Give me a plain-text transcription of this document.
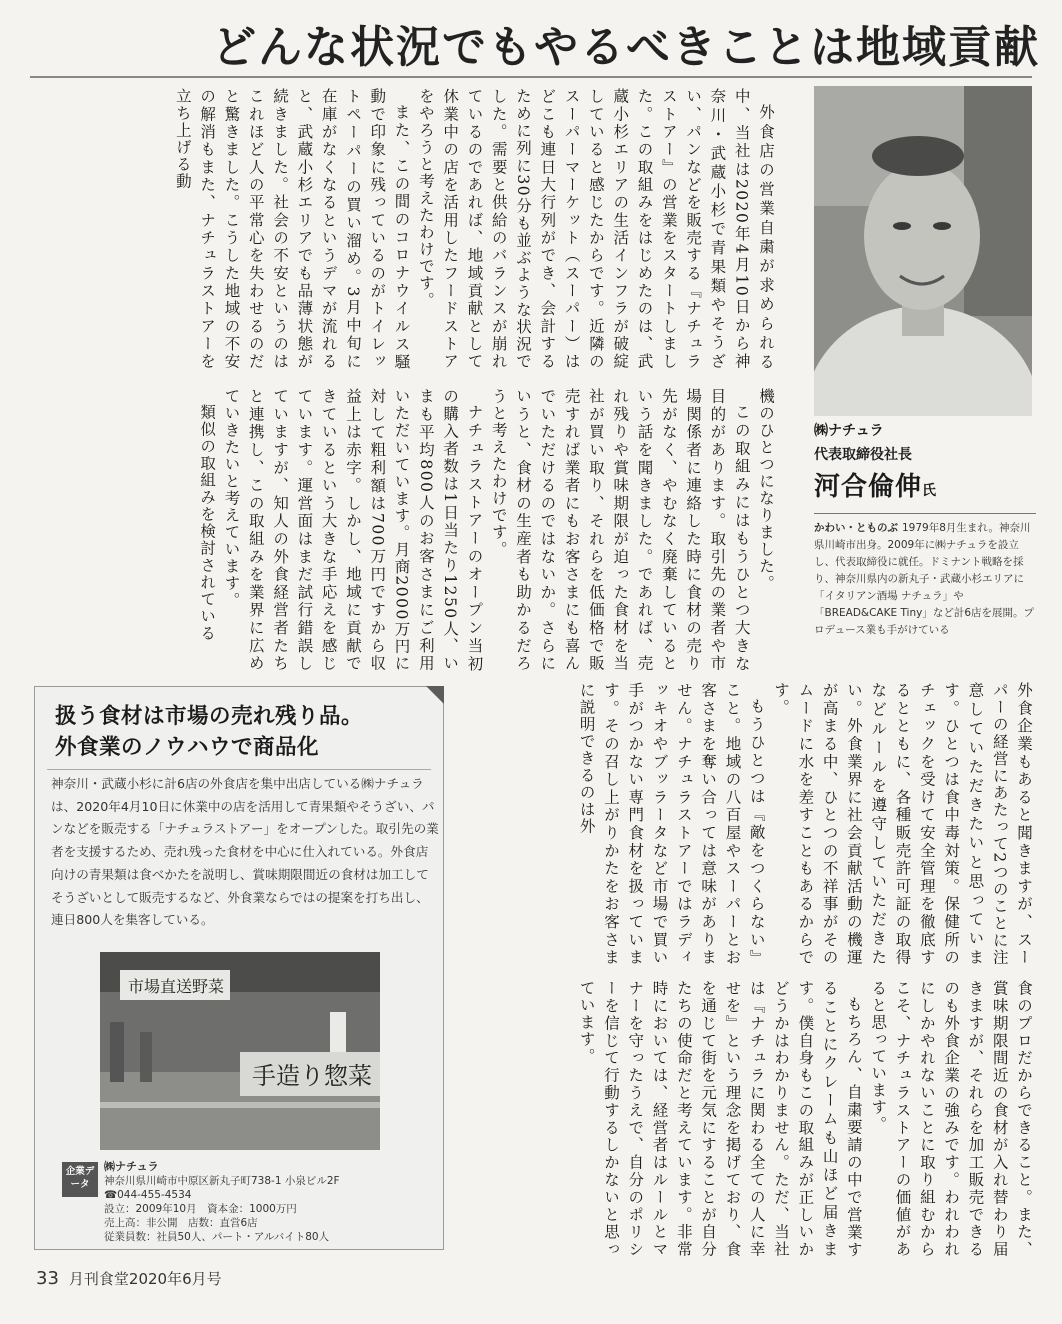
どんな状況でもやるべきことは地域貢献

外食店の営業自粛が求められる中、当社は2020年4月10日から神奈川・武蔵小杉で青果類やそうざい、パンなどを販売する『ナチュラストアー』の営業をスタートしました。この取組みをはじめたのは、武蔵小杉エリアの生活インフラが破綻していると感じたからです。近隣のスーパーマーケット（スーパー）はどこも連日大行列ができ、会計するために列に30分も並ぶような状況でした。需要と供給のバランスが崩れているのであれば、地域貢献として休業中の店を活用したフードストアをやろうと考えたわけです。

また、この間のコロナウイルス騒動で印象に残っているのがトイレットペーパーの買い溜め。3月中旬に在庫がなくなるというデマが流れると、武蔵小杉エリアでも品薄状態が続きました。社会の不安というのはこれほど人の平常心を失わせるのだと驚きました。こうした地域の不安の解消もまた、ナチュラストアーを立ち上げる動

機のひとつになりました。

この取組みにはもうひとつ大きな目的があります。取引先の業者や市場関係者に連絡した時に食材の売り先がなく、やむなく廃棄しているという話を聞きました。であれば、売れ残りや賞味期限が迫った食材を当社が買い取り、それらを低価格で販売すれば業者にもお客さまにも喜んでいただけるのではないか。さらにいうと、食材の生産者も助かるだろうと考えたわけです。

ナチュラストアーのオープン当初の購入者数は1日当たり1250人、いまも平均800人のお客さまにご利用いただいています。月商2000万円に対して粗利額は700万円ですから収益上は赤字。しかし、地域に貢献できているという大きな手応えを感じています。運営面はまだ試行錯誤していますが、知人の外食経営者たちと連携し、この取組みを業界に広めていきたいと考えています。

類似の取組みを検討されている	㈱ナチュラ
代表取締役社長
河合倫伸氏
かわい・とものぶ 1979年8月生まれ。神奈川県川崎市出身。2009年に㈱ナチュラを設立し、代表取締役に就任。ドミナント戦略を採り、神奈川県内の新丸子・武蔵小杉エリアに「イタリアン酒場 ナチュラ」や「BREAD&CAKE Tiny」など計6店を展開。プロデュース業も手がけている

外食企業もあると聞きますが、スーパーの経営にあたって2つのことに注意していただきたいと思っています。ひとつは食中毒対策。保健所のチェックを受けて安全管理を徹底するとともに、各種販売許可証の取得などルールを遵守していただきたい。外食業界に社会貢献活動の機運が高まる中、ひとつの不祥事がそのムードに水を差すこともあるからです。

もうひとつは『敵をつくらない』こと。地域の八百屋やスーパーとお客さまを奪い合っては意味がありません。ナチュラストアーではラディッキオやブッラータなど市場で買い手がつかない専門食材を扱っています。その召し上がりかたをお客さまに説明できるのは外

食のプロだからできること。また、賞味期限間近の食材が入れ替わり届きますが、それらを加工販売できるのも外食企業の強みです。われわれにしかやれないことに取り組むからこそ、ナチュラストアーの価値があると思っています。

もちろん、自粛要請の中で営業することにクレームも山ほど届きます。僕自身もこの取組みが正しいかどうかはわかりません。ただ、当社は『ナチュラに関わる全ての人に幸せを』という理念を掲げており、食を通じて街を元気にすることが自分たちの使命だと考えています。非常時においては、経営者はルールとマナーを守ったうえで、自分のポリシーを信じて行動するしかないと思っています。

扱う食材は市場の売れ残り品。
外食業のノウハウで商品化
神奈川・武蔵小杉に計6店の外食店を集中出店している㈱ナチュラは、2020年4月10日に休業中の店を活用して青果類やそうざい、パンなどを販売する「ナチュラストアー」をオープンした。取引先の業者を支援するため、売れ残った食材を中心に仕入れている。外食店向けの青果類は食べかたを説明し、賞味期限間近の食材は加工してそうざいとして販売するなど、外食業ならではの提案を打ち出し、連日800人を集客している。
市場直送野菜
手造り惣菜
企業データ
㈱ナチュラ
神奈川県川崎市中原区新丸子町738-1 小泉ビル2F
☎044-455-4534
設立：2009年10月　資本金：1000万円
売上高：非公開　店数：直営6店
従業員数：社員50人、パート・アルバイト80人
33 月刊食堂2020年6月号
